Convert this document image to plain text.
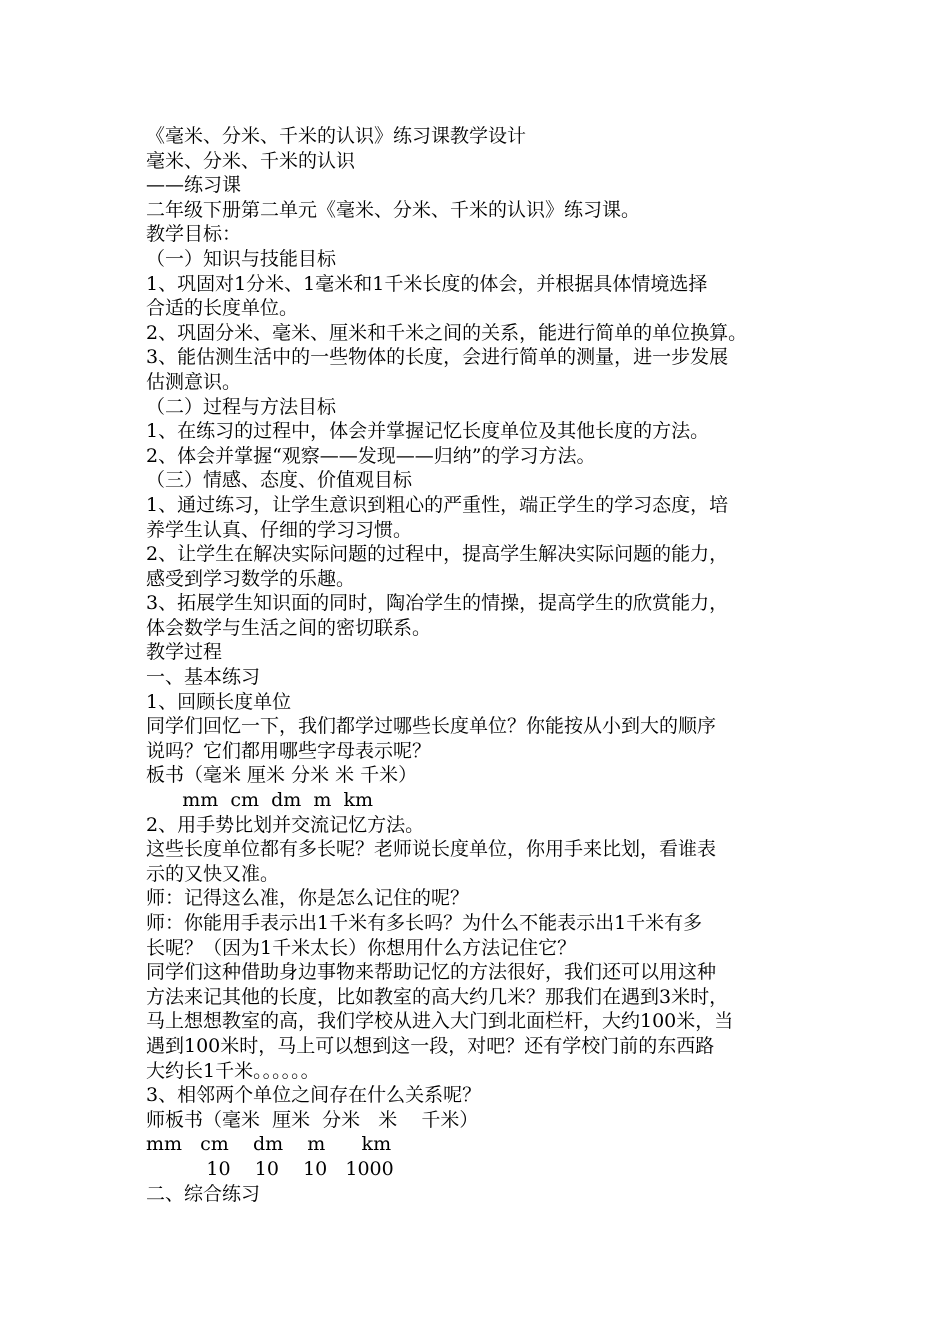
《毫米、分米、千米的认识》练习课教学设计
毫米、分米、千米的认识
——练习课
二年级下册第二单元《毫米、分米、千米的认识》练习课。
教学目标：
（一）知识与技能目标
1、巩固对1分米、1毫米和1千米长度的体会，并根据具体情境选择
合适的长度单位。
2、巩固分米、毫米、厘米和千米之间的关系，能进行简单的单位换算。
3、能估测生活中的一些物体的长度，会进行简单的测量，进一步发展
估测意识。
（二）过程与方法目标
1、在练习的过程中，体会并掌握记忆长度单位及其他长度的方法。
2、体会并掌握“观察——发现——归纳”的学习方法。
（三）情感、态度、价值观目标
1、通过练习，让学生意识到粗心的严重性，端正学生的学习态度，培
养学生认真、仔细的学习习惯。
2、让学生在解决实际问题的过程中，提高学生解决实际问题的能力，
感受到学习数学的乐趣。
3、拓展学生知识面的同时，陶冶学生的情操，提高学生的欣赏能力，
体会数学与生活之间的密切联系。
教学过程
一、基本练习
1、回顾长度单位
同学们回忆一下，我们都学过哪些长度单位？你能按从小到大的顺序
说吗？它们都用哪些字母表示呢？
板书（毫米 厘米 分米 米 千米）
mm  cm  dm  m  km
2、用手势比划并交流记忆方法。
这些长度单位都有多长呢？老师说长度单位，你用手来比划，看谁表
示的又快又准。
师：记得这么准，你是怎么记住的呢？
师：你能用手表示出1千米有多长吗？为什么不能表示出1千米有多
长呢？（因为1千米太长）你想用什么方法记住它？
同学们这种借助身边事物来帮助记忆的方法很好，我们还可以用这种
方法来记其他的长度，比如教室的高大约几米？那我们在遇到3米时，
马上想想教室的高，我们学校从进入大门到北面栏杆，大约100米，当
遇到100米时，马上可以想到这一段，对吧？还有学校门前的东西路
大约长1千米。。。。。。
3、相邻两个单位之间存在什么关系呢？
师板书（毫米  厘米  分米   米    千米）
mm   cm    dm    m      km
10    10    10   1000
二、综合练习
